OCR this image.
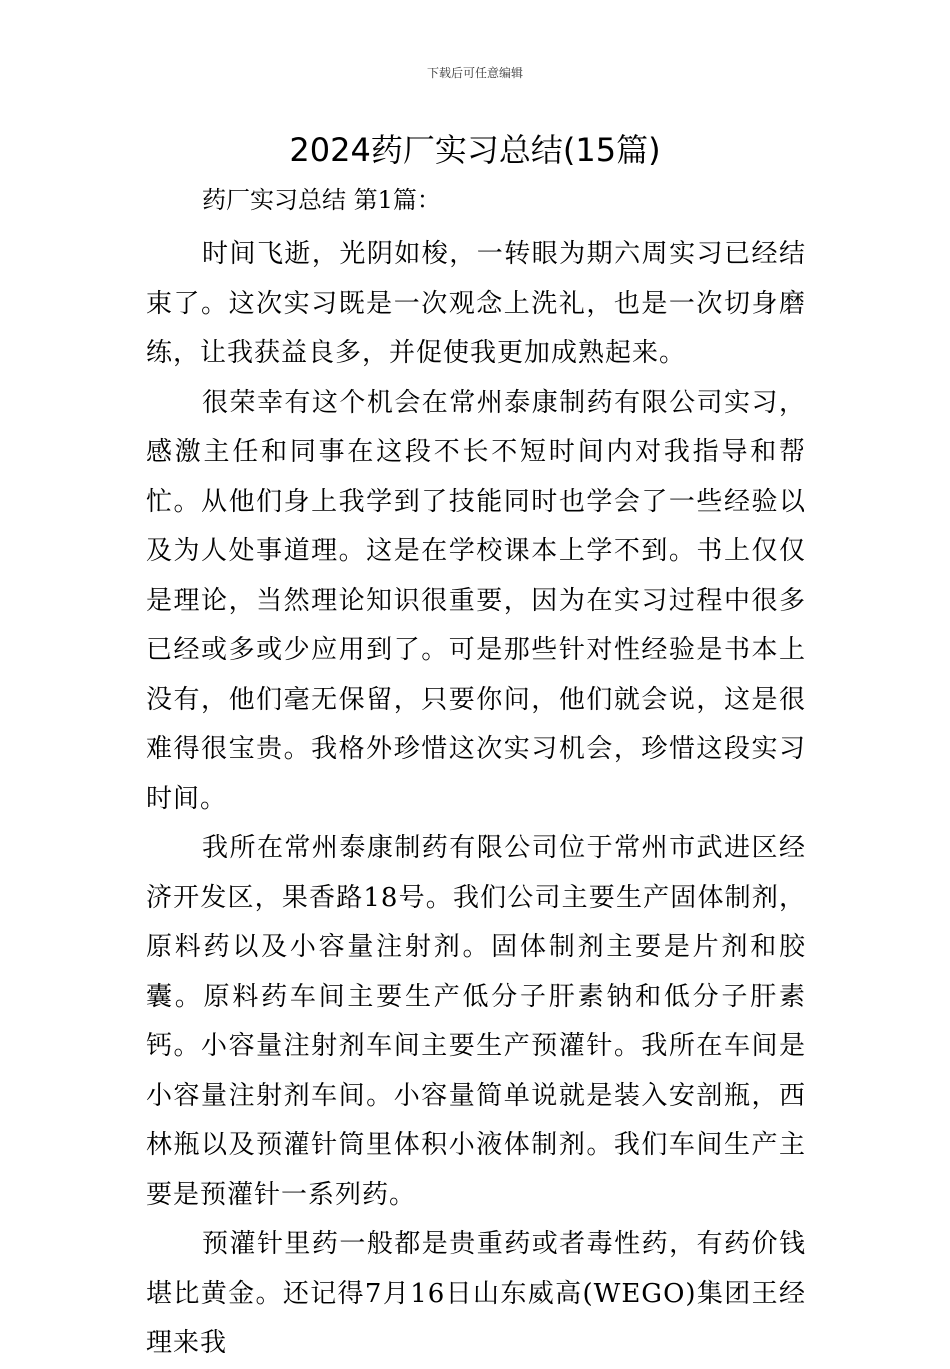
下载后可任意编辑
2024药厂实习总结(15篇)

药厂实习总结 第1篇：

时间飞逝，光阴如梭，一转眼为期六周实习已经结束了。这次实习既是一次观念上洗礼，也是一次切身磨练，让我获益良多，并促使我更加成熟起来。

很荣幸有这个机会在常州泰康制药有限公司实习，感激主任和同事在这段不长不短时间内对我指导和帮忙。从他们身上我学到了技能同时也学会了一些经验以及为人处事道理。这是在学校课本上学不到。书上仅仅是理论，当然理论知识很重要，因为在实习过程中很多已经或多或少应用到了。可是那些针对性经验是书本上没有，他们毫无保留，只要你问，他们就会说，这是很难得很宝贵。我格外珍惜这次实习机会，珍惜这段实习时间。

我所在常州泰康制药有限公司位于常州市武进区经济开发区，果香路18号。我们公司主要生产固体制剂，原料药以及小容量注射剂。固体制剂主要是片剂和胶囊。原料药车间主要生产低分子肝素钠和低分子肝素钙。小容量注射剂车间主要生产预灌针。我所在车间是小容量注射剂车间。小容量简单说就是装入安剖瓶，西林瓶以及预灌针筒里体积小液体制剂。我们车间生产主要是预灌针一系列药。

预灌针里药一般都是贵重药或者毒性药，有药价钱堪比黄金。还记得7月16日山东威高(WEGO)集团王经理来我
